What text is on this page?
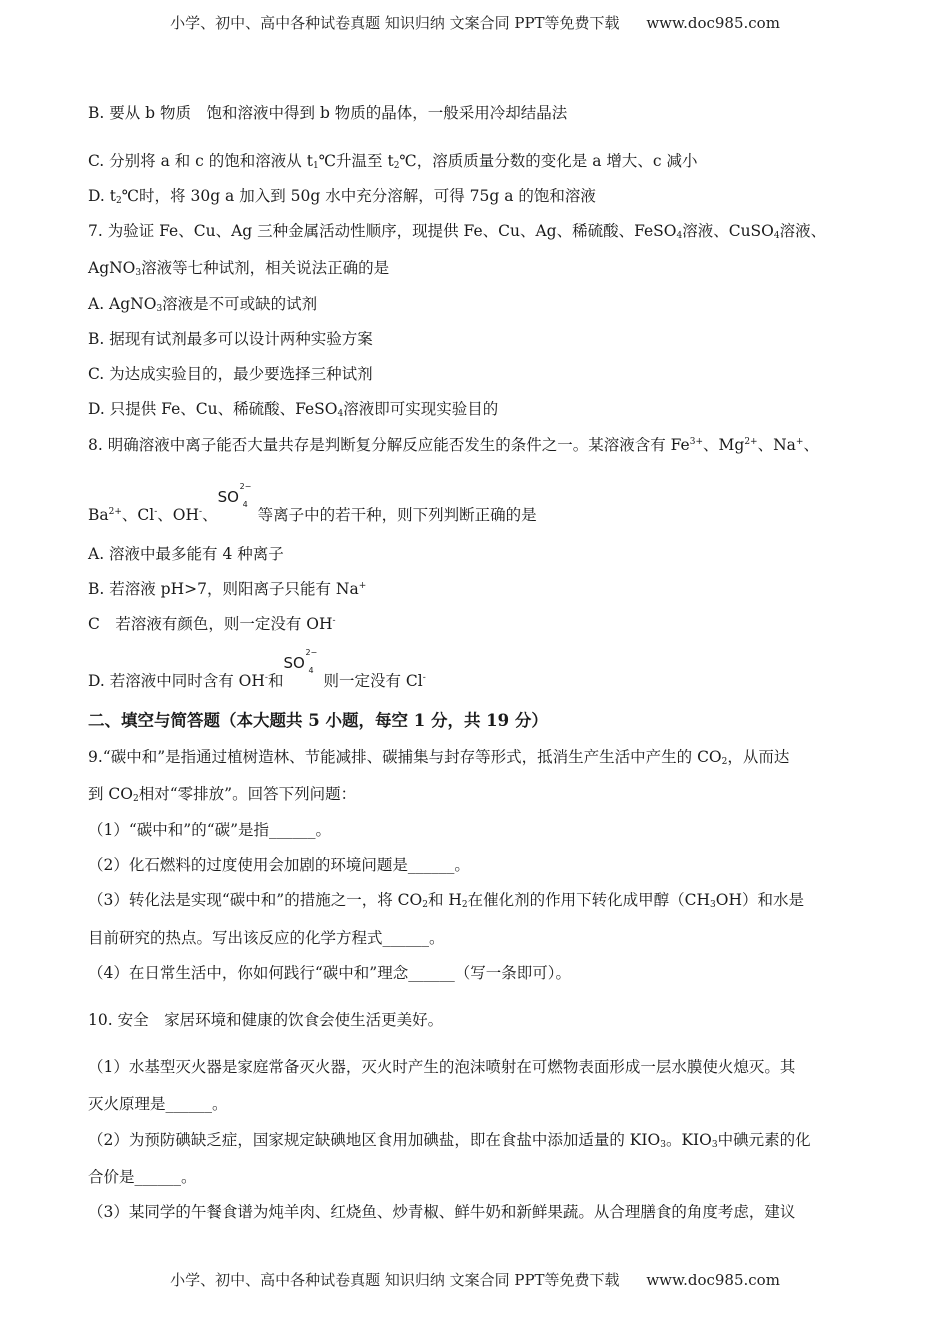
小学、初中、高中各种试卷真题 知识归纳 文案合同 PPT等免费下载 www.doc985.com
B. 要从 b 物质　饱和溶液中得到 b 物质的晶体，一般采用冷却结晶法
C. 分别将 a 和 c 的饱和溶液从 $t_1℃$升温至 $t_2℃$，溶质质量分数的变化是 a 增大、c 减小
D. $t_2℃$时，将 30g a 加入到 50g 水中充分溶解，可得 75g a 的饱和溶液
7. 为验证 Fe、Cu、Ag 三种金属活动性顺序，现提供 Fe、Cu、Ag、稀硫酸、FeSO$_4$溶液、CuSO$_4$溶液、
AgNO$_3$溶液等七种试剂，相关说法正确的是
A. AgNO$_3$溶液是不可或缺的试剂
B. 据现有试剂最多可以设计两种实验方案
C. 为达成实验目的，最少要选择三种试剂
D. 只提供 Fe、Cu、稀硫酸、FeSO$_4$溶液即可实现实验目的
8. 明确溶液中离子能否大量共存是判断复分解反应能否发生的条件之一。某溶液含有 $Fe^{3+}$、$Mg^{2+}$、Na+、
$Ba^{2+}$、Cl-、OH-、
SO
2−
4
等离子中的若干种，则下列判断正确的是
A. 溶液中最多能有 4 种离子
B. 若溶液 pH>7，则阳离子只能有 Na+
C　若溶液有颜色，则一定没有 OH-
D. 若溶液中同时含有 OH-和
SO
2−
4
则一定没有 Cl-
二、填空与简答题（本大题共 5 小题，每空 1 分，共 19 分）
9.“碳中和”是指通过植树造林、节能减排、碳捕集与封存等形式，抵消生产生活中产生的 $CO_2$，从而达
到 $CO_2$相对“零排放”。回答下列问题：
（1）“碳中和”的“碳”是指______。
（2）化石燃料的过度使用会加剧的环境问题是______。
（3）转化法是实现“碳中和”的措施之一，将 $CO_2$和 $H_2$在催化剂的作用下转化成甲醇$(CH_3OH)$和水是
目前研究的热点。写出该反应的化学方程式______。
（4）在日常生活中，你如何践行“碳中和”理念______（写一条即可）。
10. 安全　家居环境和健康的饮食会使生活更美好。
（1）水基型灭火器是家庭常备灭火器，灭火时产生的泡沫喷射在可燃物表面形成一层水膜使火熄灭。其
灭火原理是______。
（2）为预防碘缺乏症，国家规定缺碘地区食用加碘盐，即在食盐中添加适量的 $KIO_3$。$KIO_3$中碘元素的化
合价是______。
（3）某同学的午餐食谱为炖羊肉、红烧鱼、炒青椒、鲜牛奶和新鲜果蔬。从合理膳食的角度考虑，建议
小学、初中、高中各种试卷真题 知识归纳 文案合同 PPT等免费下载 www.doc985.com
